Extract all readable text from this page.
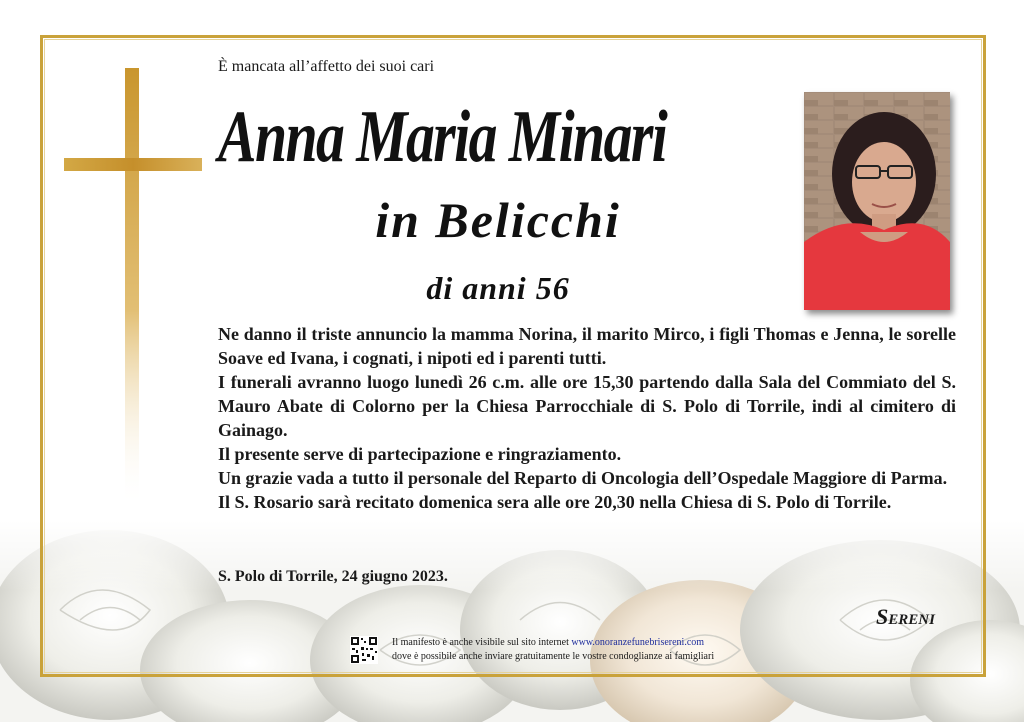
È mancata all’affetto dei suoi cari
Anna Maria Minari
in Belicchi
di anni 56

Ne danno il triste annuncio la mamma Norina, il marito Mirco, i figli Thomas e Jenna, le sorelle Soave ed Ivana, i cognati, i nipoti ed i parenti tutti.

I funerali avranno luogo lunedì 26 c.m. alle ore 15,30 partendo dalla Sala del Commiato del S. Mauro Abate di Colorno per la Chiesa Parrocchiale di S. Polo di Torrile, indi al cimitero di Gainago.

Il presente serve di partecipazione e ringraziamento.

Un grazie vada a tutto il personale del Reparto di Oncologia dell’Ospedale Maggiore di Parma.

Il S. Rosario sarà recitato domenica sera alle ore 20,30 nella Chiesa di S. Polo di Torrile.

S. Polo di Torrile, 24 giugno 2023.
Sereni
Il manifesto è anche visibile sul sito internet www.onoranzefunebrisereni.com
dove è possibile anche inviare gratuitamente le vostre condoglianze ai famigliari
